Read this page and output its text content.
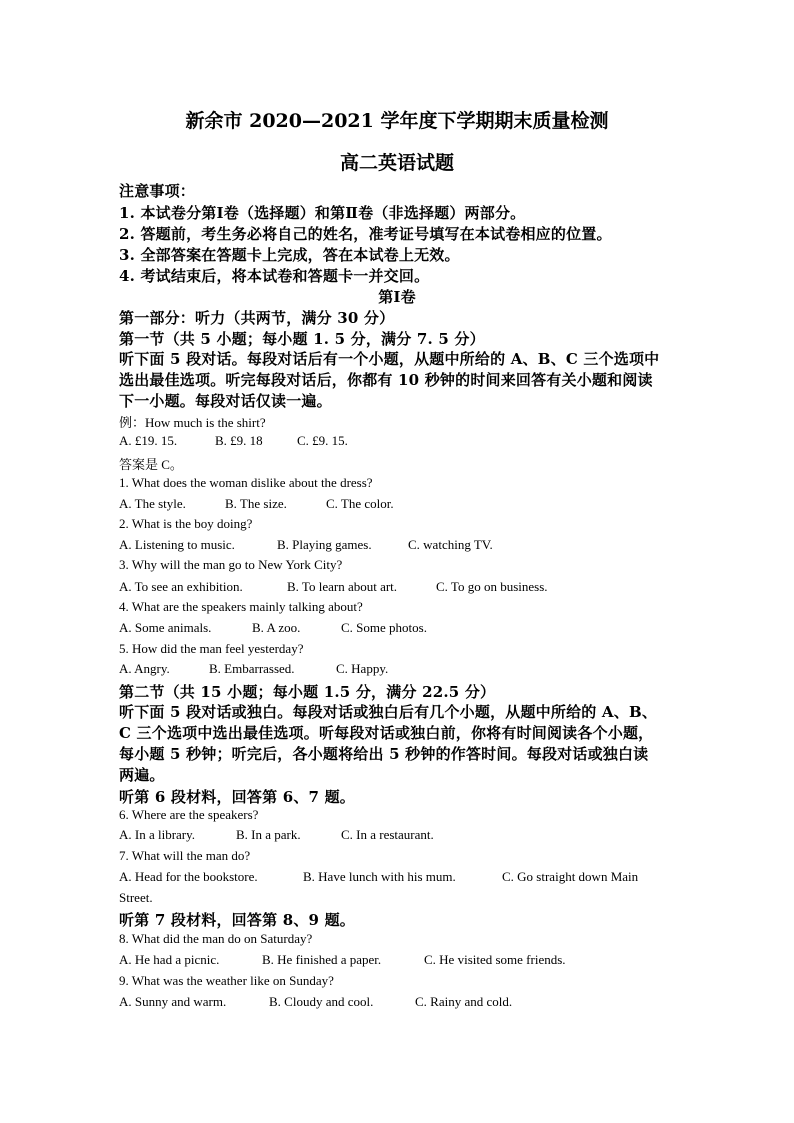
新余市 2020—2021 学年度下学期期末质量检测
高二英语试题
注意事项：
1. 本试卷分第Ⅰ卷（选择题）和第Ⅱ卷（非选择题）两部分。
2. 答题前，考生务必将自己的姓名，准考证号填写在本试卷相应的位置。
3. 全部答案在答题卡上完成，答在本试卷上无效。
4. 考试结束后，将本试卷和答题卡一并交回。
第Ⅰ卷
第一部分：听力（共两节，满分 30 分）
第一节（共 5 小题；每小题 1. 5 分，满分 7. 5 分）
听下面 5 段对话。每段对话后有一个小题，从题中所给的 A、B、C 三个选项中
选出最佳选项。听完每段对话后，你都有 10 秒钟的时间来回答有关小题和阅读
下一小题。每段对话仅读一遍。
例：How much is the shirt?
A. £19. 15.	B. £9. 18	C. £9. 15.
答案是 C。
1. What does the woman dislike about the dress?
A. The style.	B. The size.	C. The color.
2. What is the boy doing?
A. Listening to music.	B. Playing games.	C. watching TV.
3. Why will the man go to New York City?
A. To see an exhibition.	B. To learn about art.	C. To go on business.
4. What are the speakers mainly talking about?
A. Some animals.	B. A zoo.	C. Some photos.
5. How did the man feel yesterday?
A. Angry.	B. Embarrassed.	C. Happy.
第二节（共 15 小题；每小题 1.5 分，满分 22.5 分）
听下面 5 段对话或独白。每段对话或独白后有几个小题，从题中所给的 A、B、
C 三个选项中选出最佳选项。听每段对话或独白前，你将有时间阅读各个小题，
每小题 5 秒钟；听完后，各小题将给出 5 秒钟的作答时间。每段对话或独白读
两遍。
听第 6 段材料，回答第 6、7 题。
6. Where are the speakers?
A. In a library.	B. In a park.	C. In a restaurant.
7. What will the man do?
A. Head for the bookstore.	B. Have lunch with his mum.	C. Go straight down Main
Street.
听第 7 段材料，回答第 8、9 题。
8. What did the man do on Saturday?
A. He had a picnic.	B. He finished a paper.	C. He visited some friends.
9. What was the weather like on Sunday?
A. Sunny and warm.	B. Cloudy and cool.	C. Rainy and cold.
